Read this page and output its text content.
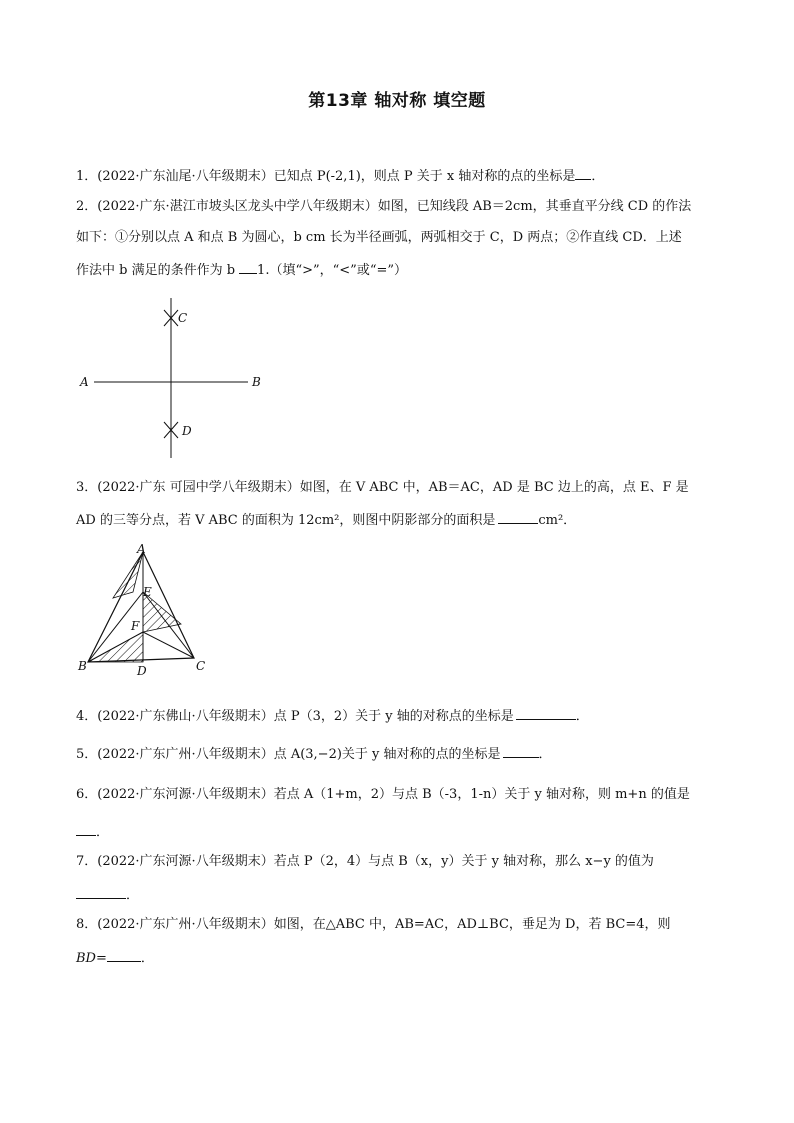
第13章 轴对称 填空题
1．(2022·广东汕尾·八年级期末）已知点 P(-2,1)，则点 P 关于 x 轴对称的点的坐标是 ．
2．(2022·广东·湛江市坡头区龙头中学八年级期末）如图，已知线段 AB＝2cm，其垂直平分线 CD 的作法
如下：①分别以点 A 和点 B 为圆心，b cm 长为半径画弧，两弧相交于 C，D 两点；②作直线 CD．上述
作法中 b 满足的条件作为 b 1.（填“>”，“<”或“=”）
A	B
C
D
3．(2022·广东 可园中学八年级期末）如图，在 V ABC 中，AB＝AC，AD 是 BC 边上的高，点 E、F 是
AD 的三等分点，若 V ABC 的面积为 12cm²，则图中阴影部分的面积是	cm²．
A
E
F
B	C
D
4．(2022·广东佛山·八年级期末）点 P（3，2）关于 y 轴的对称点的坐标是	．
5．(2022·广东广州·八年级期末）点 A(3,−2)关于 y 轴对称的点的坐标是	．
6．(2022·广东河源·八年级期末）若点 A（1+m，2）与点 B（-3，1-n）关于 y 轴对称，则 m+n 的值是
．
7．(2022·广东河源·八年级期末）若点 P（2，4）与点 B（x，y）关于 y 轴对称，那么 x−y 的值为
．
8．(2022·广东广州·八年级期末）如图，在△ABC 中，AB=AC，AD⊥BC，垂足为 D，若 BC=4，则
BD=	．
